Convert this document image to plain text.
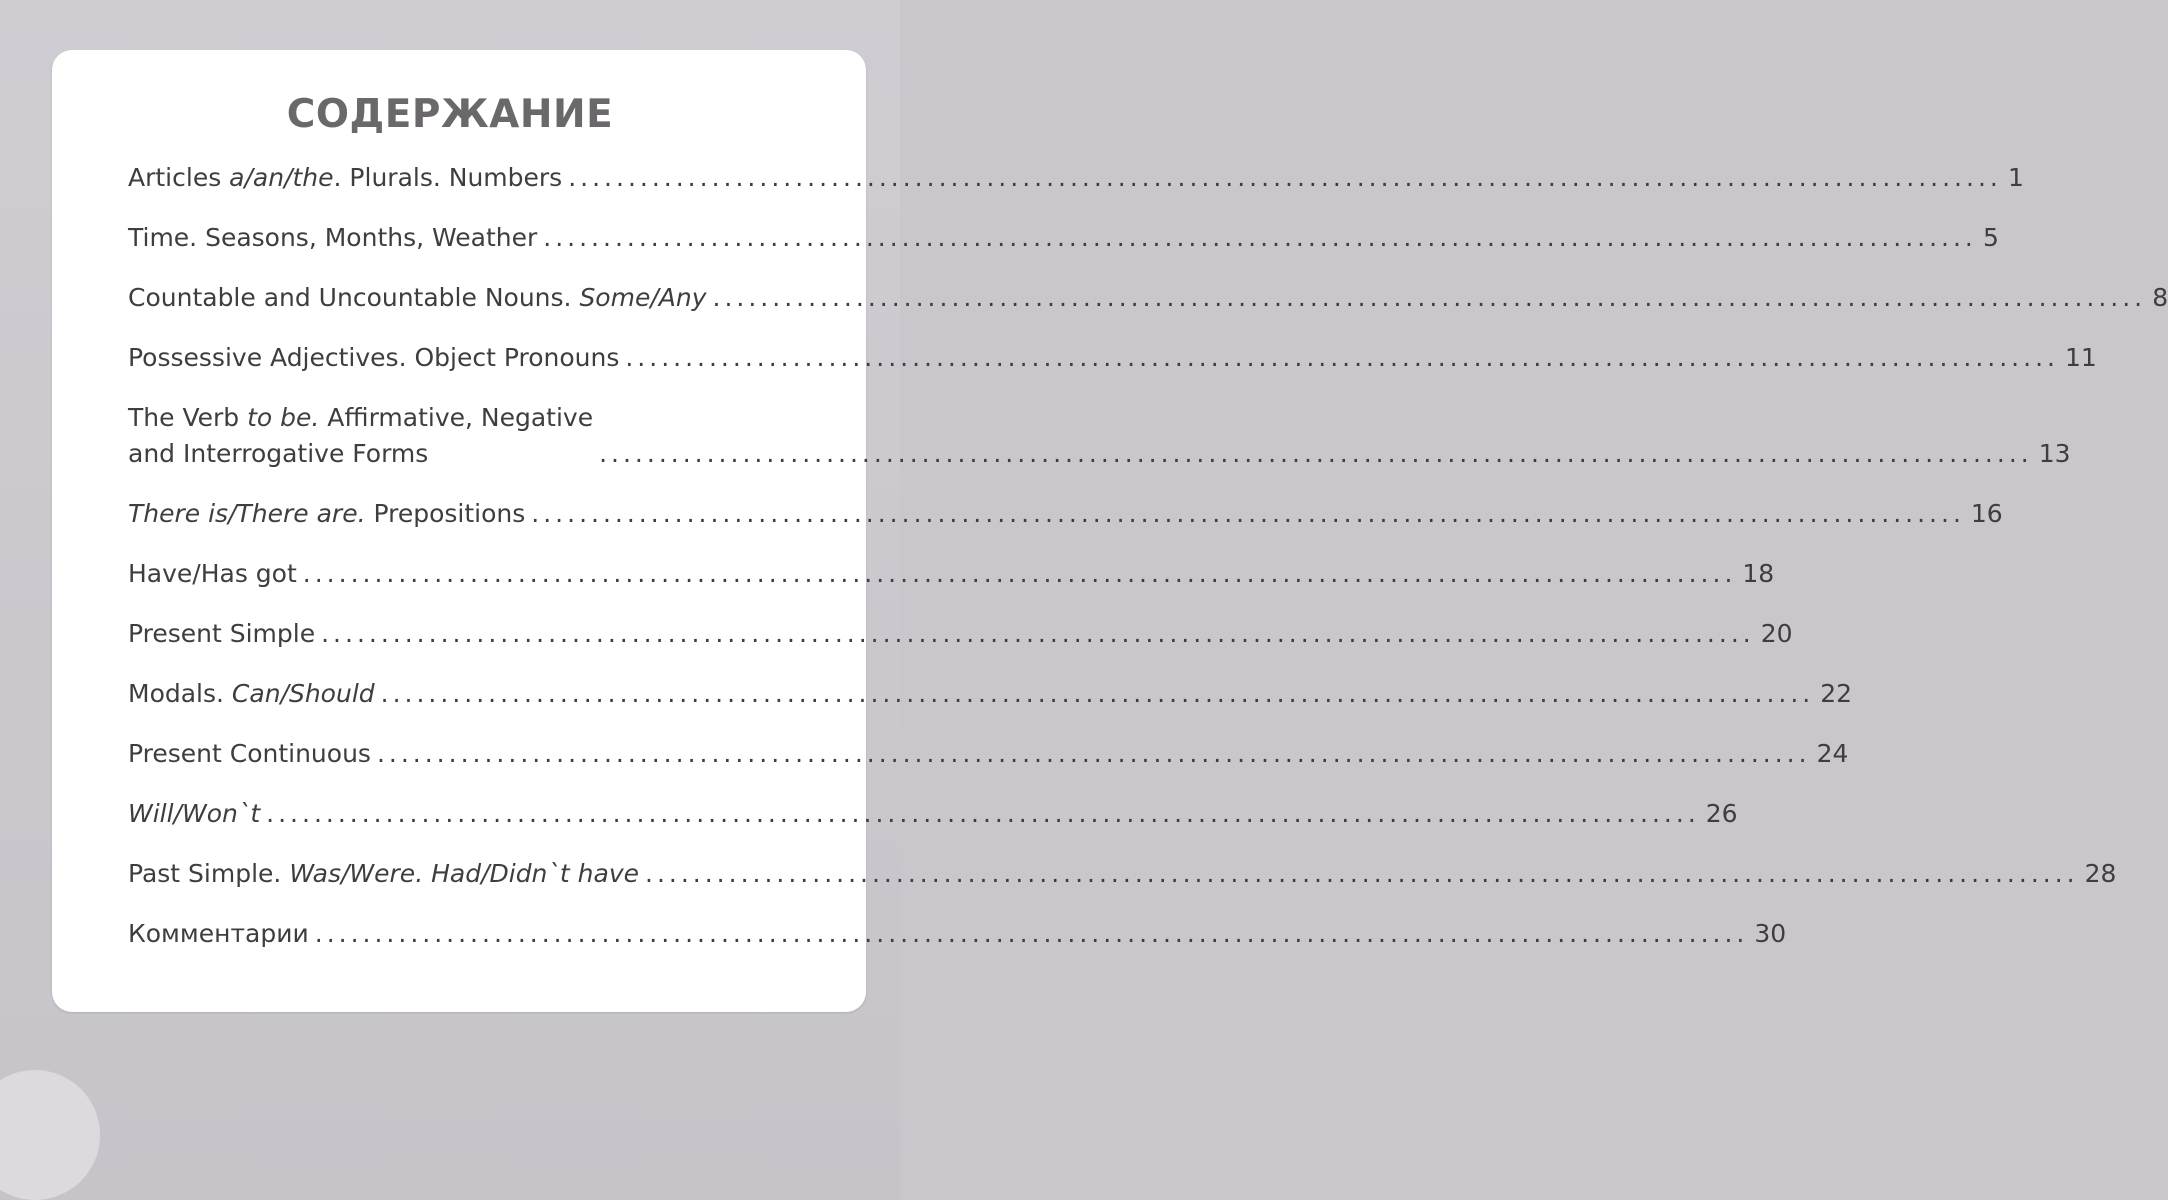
СОДЕРЖАНИЕ
Articles a/an/the. Plurals. Numbers ........................................................................................................................ 1
Time. Seasons, Months, Weather ........................................................................................................................ 5
Countable and Uncountable Nouns. Some/Any ........................................................................................................................ 8
Possessive Adjectives. Object Pronouns ........................................................................................................................ 11
The Verb to be. Affirmative, Negative
and Interrogative Forms	........................................................................................................................ 13
There is/There are. Prepositions ........................................................................................................................ 16
Have/Has got ........................................................................................................................ 18
Present Simple ........................................................................................................................ 20
Modals. Can/Should ........................................................................................................................ 22
Present Continuous ........................................................................................................................ 24
Will/Won`t ........................................................................................................................ 26
Past Simple. Was/Were. Had/Didn`t have ........................................................................................................................ 28
Комментарии ........................................................................................................................ 30
